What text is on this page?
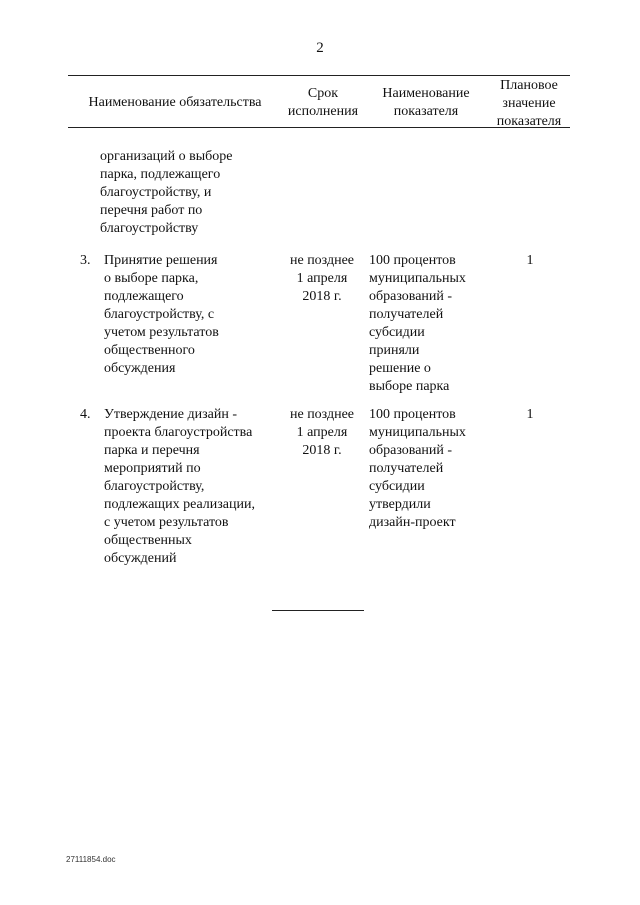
2
Наименование обязательства
Срок
исполнения
Наименование
показателя
Плановое
значение
показателя
организаций о выборе
парка, подлежащего
благоустройству, и
перечня работ по
благоустройству
3. Принятие решения
о выборе парка,
подлежащего
благоустройству, с
учетом результатов
общественного
обсуждения
не позднее
1 апреля
2018 г.
100 процентов
муниципальных
образований -
получателей
субсидии
приняли
решение о
выборе парка
1
4. Утверждение дизайн -
проекта благоустройства
парка и перечня
мероприятий по
благоустройству,
подлежащих реализации,
с учетом результатов
общественных
обсуждений
не позднее
1 апреля
2018 г.
100 процентов
муниципальных
образований -
получателей
субсидии
утвердили
дизайн-проект
1
27111854.doc
